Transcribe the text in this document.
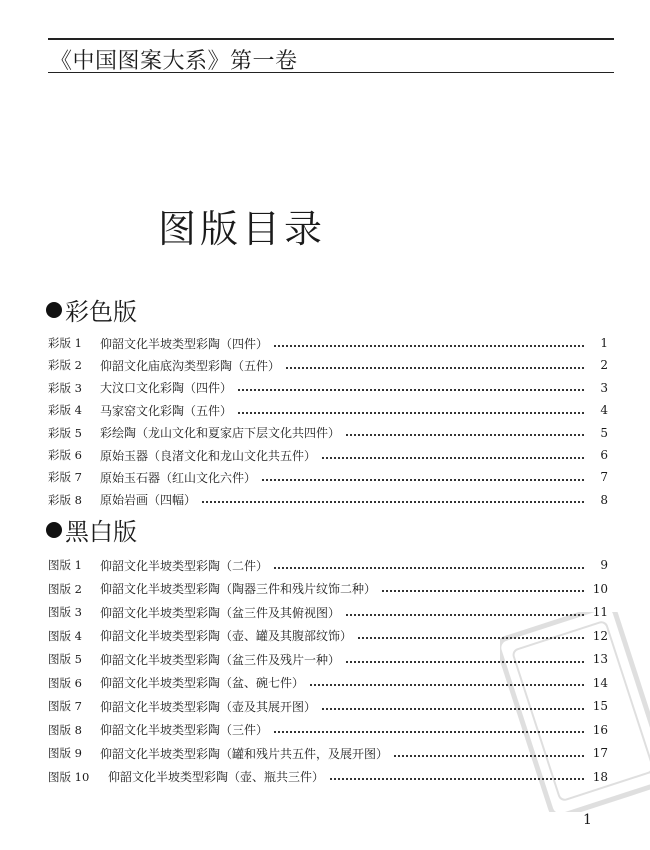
《中国图案大系》第一卷
图版目录
彩色版
彩版 1	仰韶文化半坡类型彩陶（四件）	1
彩版 2	仰韶文化庙底沟类型彩陶（五件）	2
彩版 3	大汶口文化彩陶（四件）	3
彩版 4	马家窑文化彩陶（五件）	4
彩版 5	彩绘陶（龙山文化和夏家店下层文化共四件）	5
彩版 6	原始玉器（良渚文化和龙山文化共五件）	6
彩版 7	原始玉石器（红山文化六件）	7
彩版 8	原始岩画（四幅）	8
黑白版
图版 1	仰韶文化半坡类型彩陶（二件）	9
图版 2	仰韶文化半坡类型彩陶（陶器三件和残片纹饰二种）	10
图版 3	仰韶文化半坡类型彩陶（盆三件及其俯视图）	11
图版 4	仰韶文化半坡类型彩陶（壶、罐及其腹部纹饰）	12
图版 5	仰韶文化半坡类型彩陶（盆三件及残片一种）	13
图版 6	仰韶文化半坡类型彩陶（盆、碗七件）	14
图版 7	仰韶文化半坡类型彩陶（壶及其展开图）	15
图版 8	仰韶文化半坡类型彩陶（三件）	16
图版 9	仰韶文化半坡类型彩陶（罐和残片共五件，及展开图）	17
图版 10	仰韶文化半坡类型彩陶（壶、瓶共三件）	18
1
